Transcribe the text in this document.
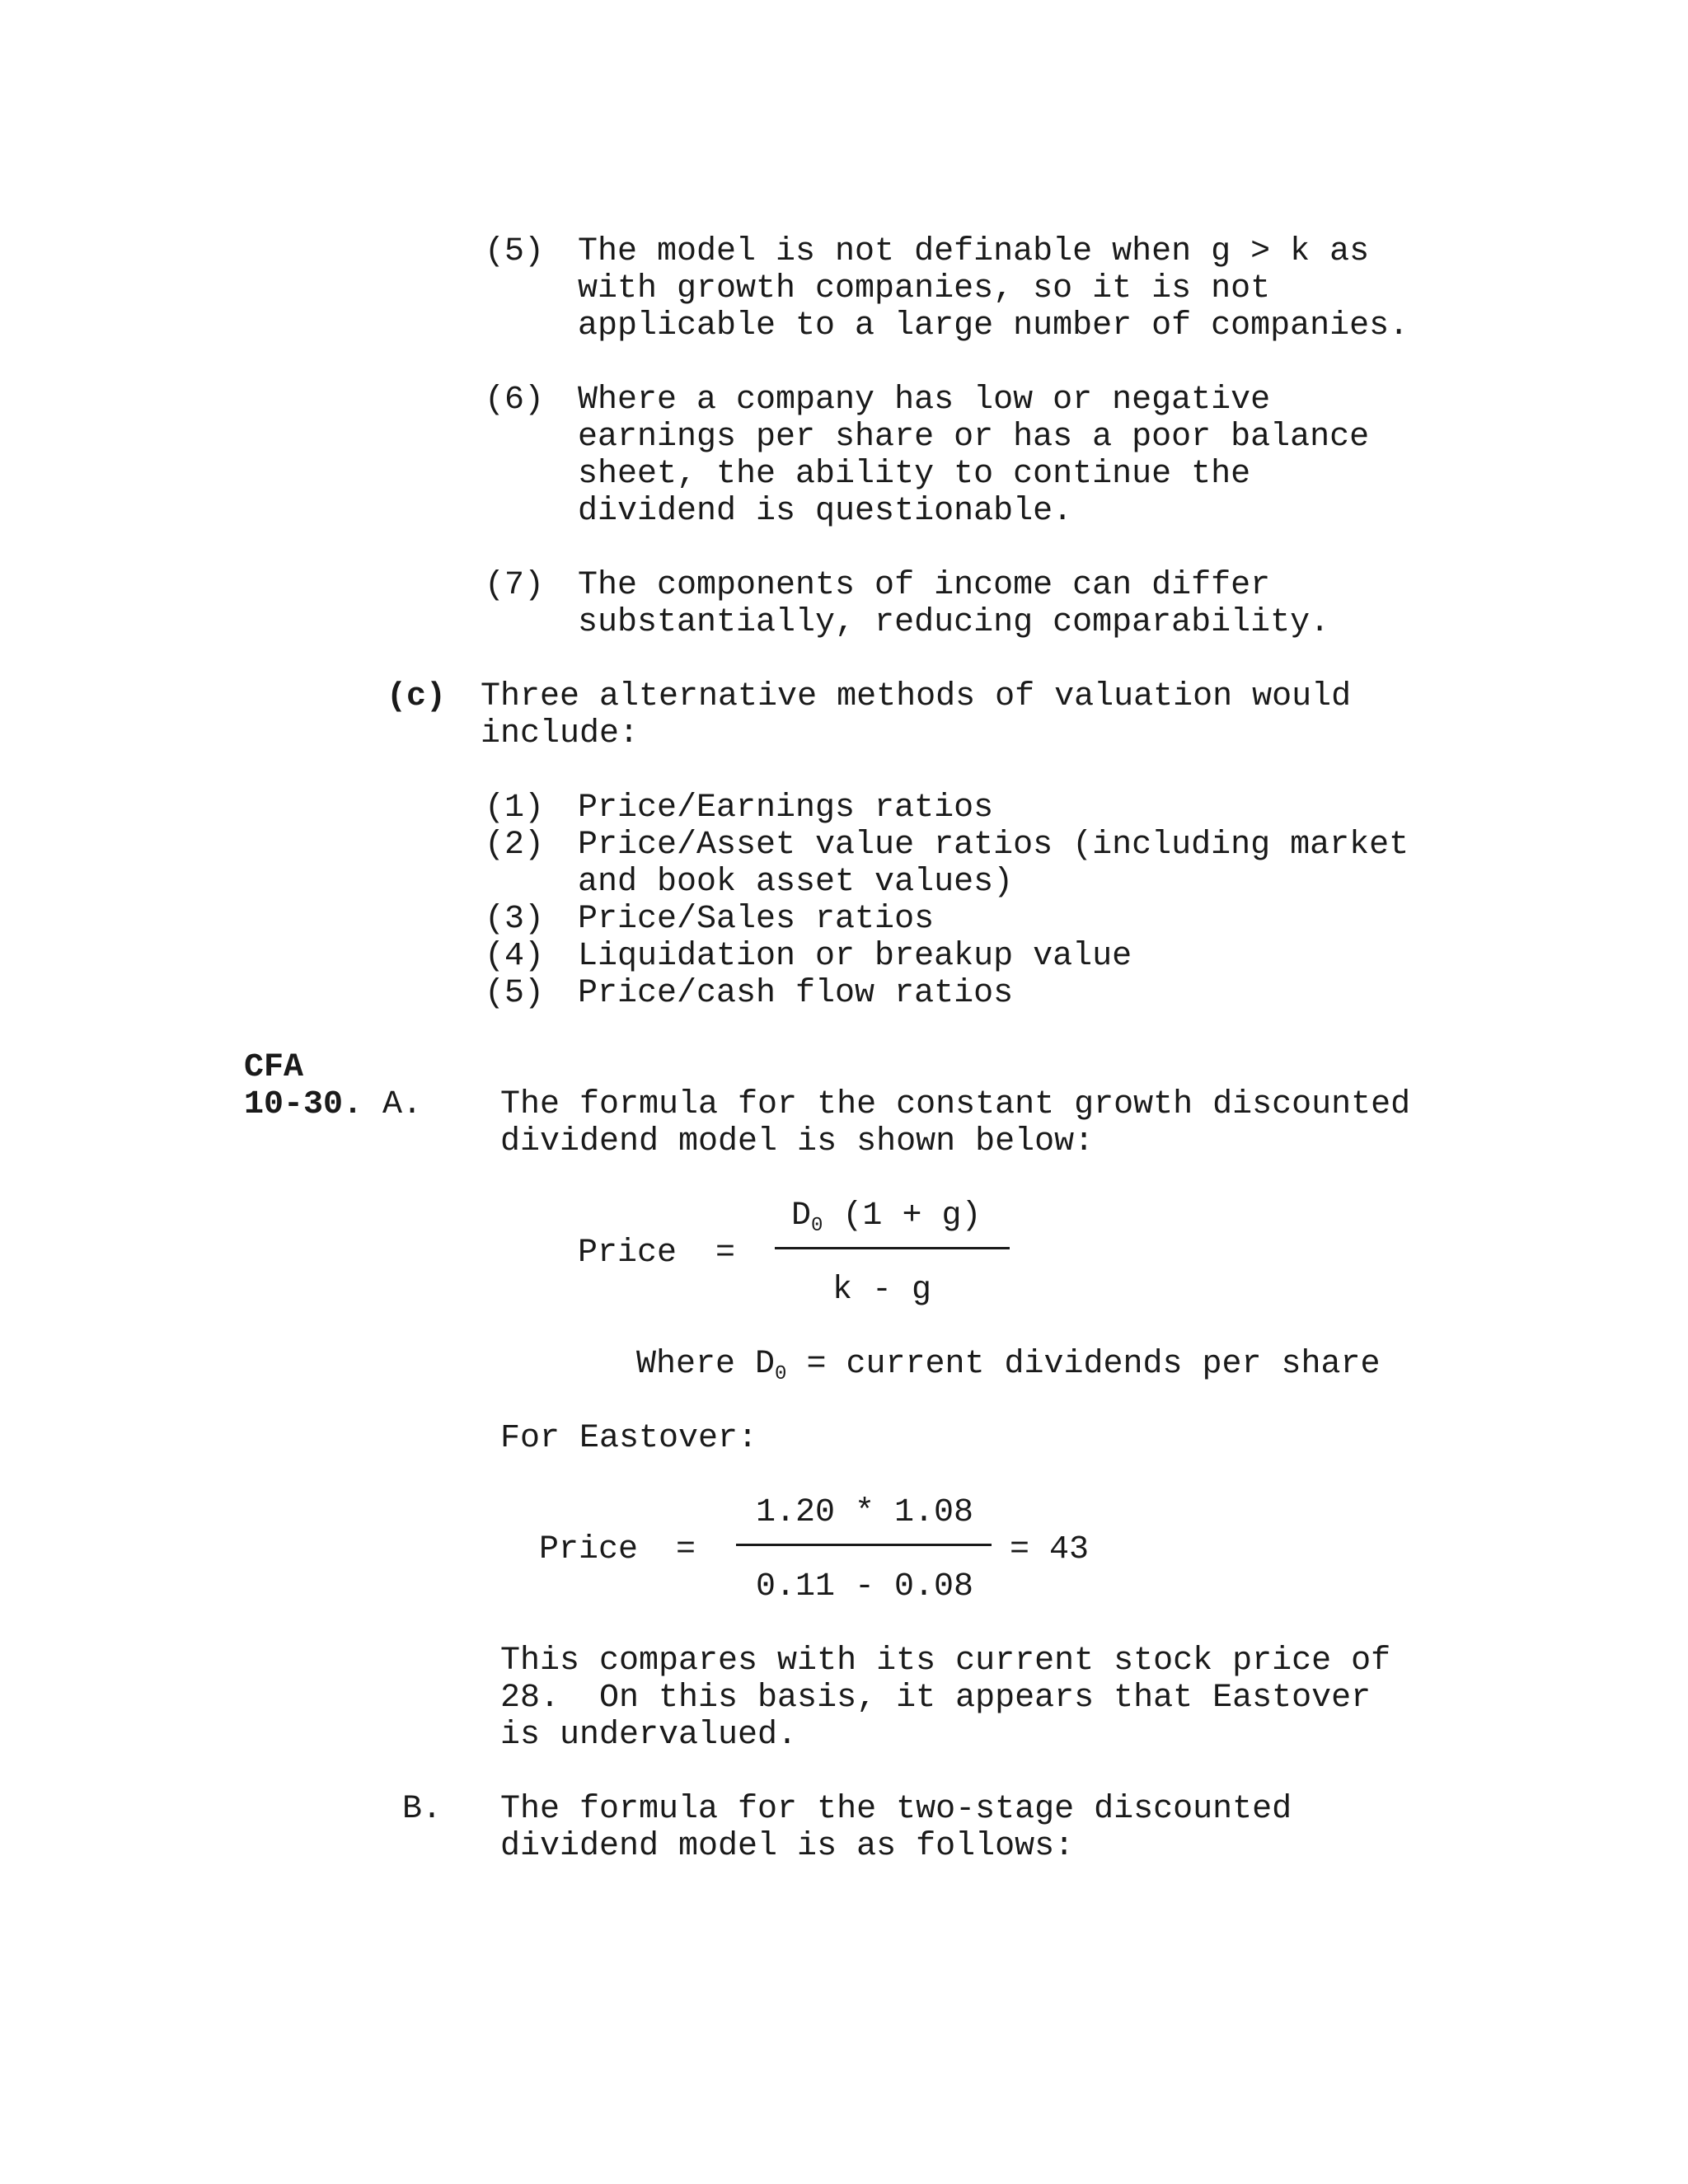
(5) The model is not definable when g > k as
with growth companies, so it is not
applicable to a large number of companies.
(6) Where a company has low or negative
earnings per share or has a poor balance
sheet, the ability to continue the
dividend is questionable.
(7) The components of income can differ
substantially, reducing comparability.
(c) Three alternative methods of valuation would
include:
(1) Price/Earnings ratios
(2) Price/Asset value ratios (including market
and book asset values)
(3) Price/Sales ratios
(4) Liquidation or breakup value
(5) Price/cash flow ratios
CFA
10-30. A. The formula for the constant growth discounted
dividend model is shown below:
$D_0$ (1 + g)
Price =
k - g
Where $D_0$ = current dividends per share
For Eastover:
1.20 * 1.08
Price =	= 43
0.11 - 0.08
This compares with its current stock price of
28.  On this basis, it appears that Eastover
is undervalued.
B. The formula for the two-stage discounted
dividend model is as follows:
